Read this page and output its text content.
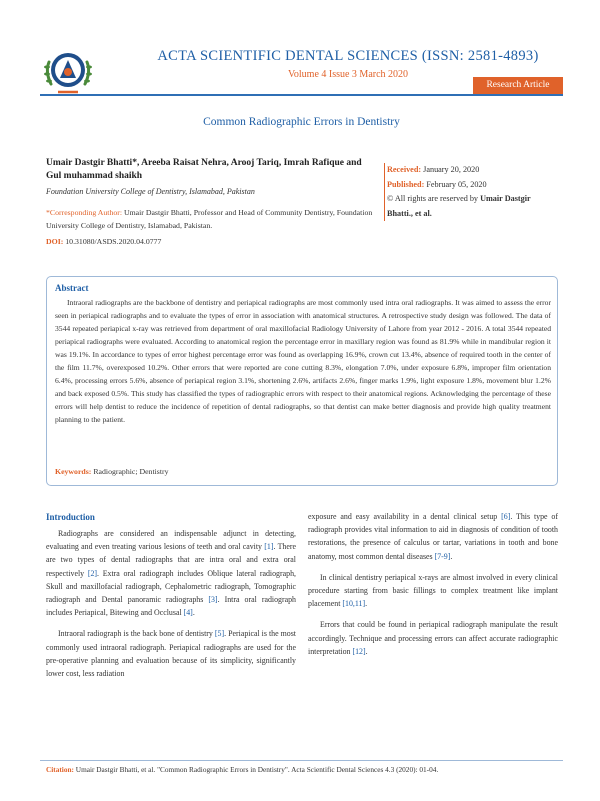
ACTA SCIENTIFIC DENTAL SCIENCES (ISSN: 2581-4893)
Volume 4 Issue 3 March 2020
Research Article
Common Radiographic Errors in Dentistry
Umair Dastgir Bhatti*, Areeba Raisat Nehra, Arooj Tariq, Imrah Rafique and Gul muhammad shaikh
Foundation University College of Dentistry, Islamabad, Pakistan
*Corresponding Author: Umair Dastgir Bhatti, Professor and Head of Community Dentistry, Foundation University College of Dentistry, Islamabad, Pakistan.
DOI: 10.31080/ASDS.2020.04.0777
Received: January 20, 2020
Published: February 05, 2020
© All rights are reserved by Umair Dastgir Bhatti., et al.
Abstract
Intraoral radiographs are the backbone of dentistry and periapical radiographs are most commonly used intra oral radiographs. It was aimed to assess the error seen in periapical radiographs and to evaluate the types of error in association with anatomical structures. A retrospective study design was followed. The data of 3544 repeated periapical x-ray was retrieved from department of oral maxillofacial Radiology University of Lahore from year 2012 - 2016. A total 3544 repeated periapical radiographs were evaluated. According to anatomical region the percentage error in maxillary region was found as 81.9% while in mandibular region it was 19.1%. In accordance to types of error highest percentage error was found as overlapping 16.9%, crown cut 13.4%, absence of required tooth in the center of the film 11.7%, overexposed 10.2%. Other errors that were reported are cone cutting 8.3%, elongation 7.0%, under exposure 6.8%, improper film orientation 6.4%, processing errors 5.6%, absence of periapical region 3.1%, shortening 2.6%, artifacts 2.6%, finger marks 1.9%, light exposure 1.8%, movement blur 1.2% and back exposed 0.5%. This study has classified the types of radiographic errors with respect to their anatomical regions. Acknowledging the percentage of these errors will help dentist to reduce the incidence of repetition of dental radiographs, so that dentist can make better diagnosis and provide high quality treatment planning to the patient.
Keywords: Radiographic; Dentistry
Introduction

Radiographs are considered an indispensable adjunct in detecting, evaluating and even treating various lesions of teeth and oral cavity [1]. There are two types of dental radiographs that are intra oral and extra oral respectively [2]. Extra oral radiograph includes Oblique lateral radiograph, Skull and maxillofacial radiograph, Cephalometric radiograph, Tomographic radiograph and Dental panoramic radiographs [3]. Intra oral radiograph includes Periapical, Bitewing and Occlusal [4].

Intraoral radiograph is the back bone of dentistry [5]. Periapical is the most commonly used intraoral radiograph. Periapical radiographs are used for the pre-operative planning and evaluation because of its simplicity, significantly lower cost, less radiation

exposure and easy availability in a dental clinical setup [6]. This type of radiograph provides vital information to aid in diagnosis of condition of tooth restorations, the presence of calculus or tartar, variations in tooth and bone anatomy, most common dental diseases [7-9].

In clinical dentistry periapical x-rays are almost involved in every clinical procedure starting from basic fillings to complex treatment like implant placement [10,11].

Errors that could be found in periapical radiograph manipulate the result accordingly. Technique and processing errors can affect accurate radiographic interpretation [12].

Citation: Umair Dastgir Bhatti, et al. "Common Radiographic Errors in Dentistry". Acta Scientific Dental Sciences 4.3 (2020): 01-04.
